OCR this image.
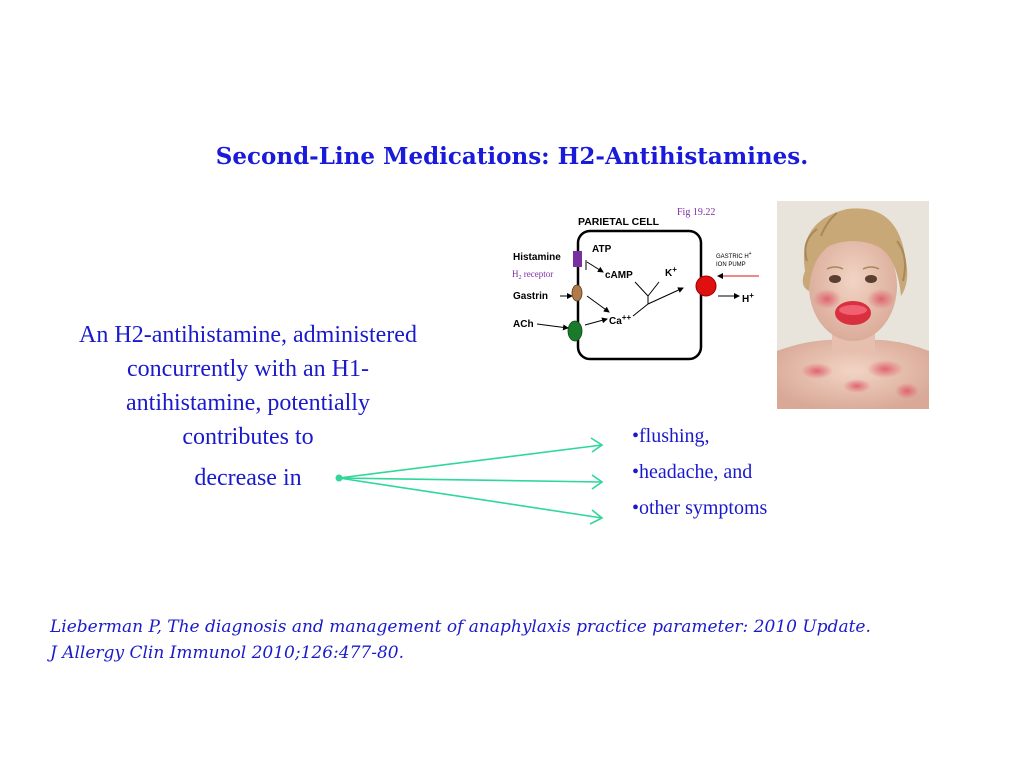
Second-Line Medications: H2-Antihistamines.
An H2-antihistamine, administered concurrently with an H1-antihistamine, potentially contributes to
decrease in
•flushing,
•headache, and
•other symptoms
Fig 19.22
PARIETAL CELL
Histamine
$H_2$ receptor
Gastrin
ACh
ATP
cAMP
Ca++
K+
H+
GASTRIC H+
ION PUMP
Lieberman P, The diagnosis and management of anaphylaxis practice parameter: 2010 Update.
J Allergy Clin Immunol 2010;126:477-80.
